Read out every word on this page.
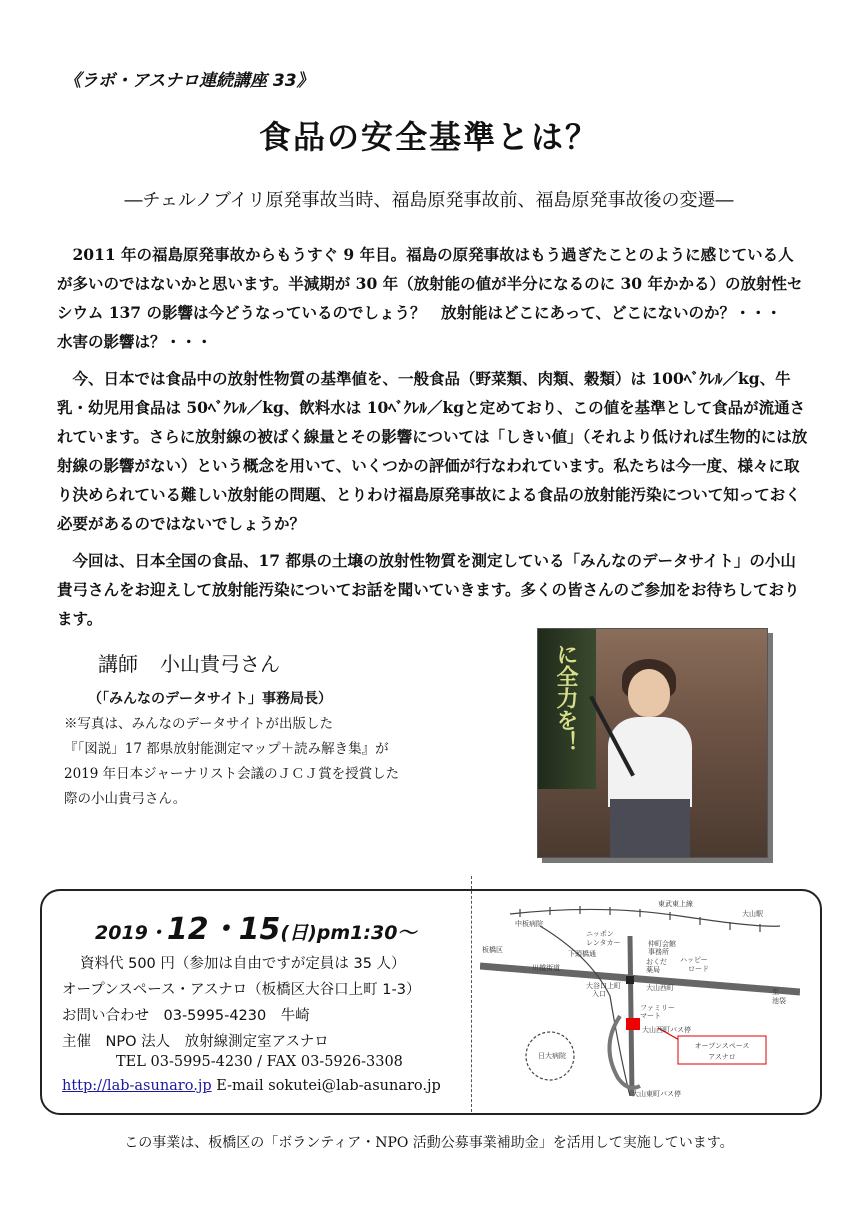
《ラボ・アスナロ連続講座 33》
食品の安全基準とは？
―チェルノブイリ原発事故当時、福島原発事故前、福島原発事故後の変遷―
2011 年の福島原発事故からもうすぐ 9 年目。福島の原発事故はもう過ぎたことのように感じている人が多いのではないかと思います。半減期が 30 年（放射能の値が半分になるのに 30 年かかる）の放射性セシウム 137 の影響は今どうなっているのでしょう？　放射能はどこにあって、どこにないのか？・・・　水害の影響は？・・・
今、日本では食品中の放射性物質の基準値を、一般食品（野菜類、肉類、穀類）は 100ﾍﾞｸﾚﾙ／kg、牛乳・幼児用食品は 50ﾍﾞｸﾚﾙ／kg、飲料水は 10ﾍﾞｸﾚﾙ／kgと定めており、この値を基準として食品が流通されています。さらに放射線の被ばく線量とその影響については「しきい値」（それより低ければ生物的には放射線の影響がない）という概念を用いて、いくつかの評価が行なわれています。私たちは今一度、様々に取り決められている難しい放射能の問題、とりわけ福島原発事故による食品の放射能汚染について知っておく必要があるのではないでしょうか？
今回は、日本全国の食品、17 都県の土壌の放射性物質を測定している「みんなのデータサイト」の小山貴弓さんをお迎えして放射能汚染についてお話を聞いていきます。多くの皆さんのご参加をお待ちしております。
講師 小山貴弓さん
（「みんなのデータサイト」事務局長）
※写真は、みんなのデータサイトが出版した
『「図説」17 都県放射能測定マップ＋読み解き集』が
2019 年日本ジャーナリスト会議のＪＣＪ賞を授賞した
際の小山貴弓さん。
に全力を！
2019・12・15(日)pm1:30～
資料代 500 円（参加は自由ですが定員は 35 人）
オープンスペース・アスナロ（板橋区大谷口上町 1-3）
お問い合わせ　03-5995-4230　牛崎
主催　NPO 法人　放射線測定室アスナロ
TEL 03-5995-4230 / FAX 03-5926-3308
http://lab-asunaro.jp E-mail sokutei@lab-asunaro.jp
オープンスペース
アスナロ
東武東上線
大山駅
中板病院
板橋区
ニッポン
レンタカー	仲町会館
事務所
下頭橋通
川越街道
ハッピー
ロード
おくだ
薬局
大谷口上町
入口
大山西町	至
池袋
ファミリー
マート
日大病院
大山西町バス停
大山東町バス停
この事業は、板橋区の「ボランティア・NPO 活動公募事業補助金」を活用して実施しています。
